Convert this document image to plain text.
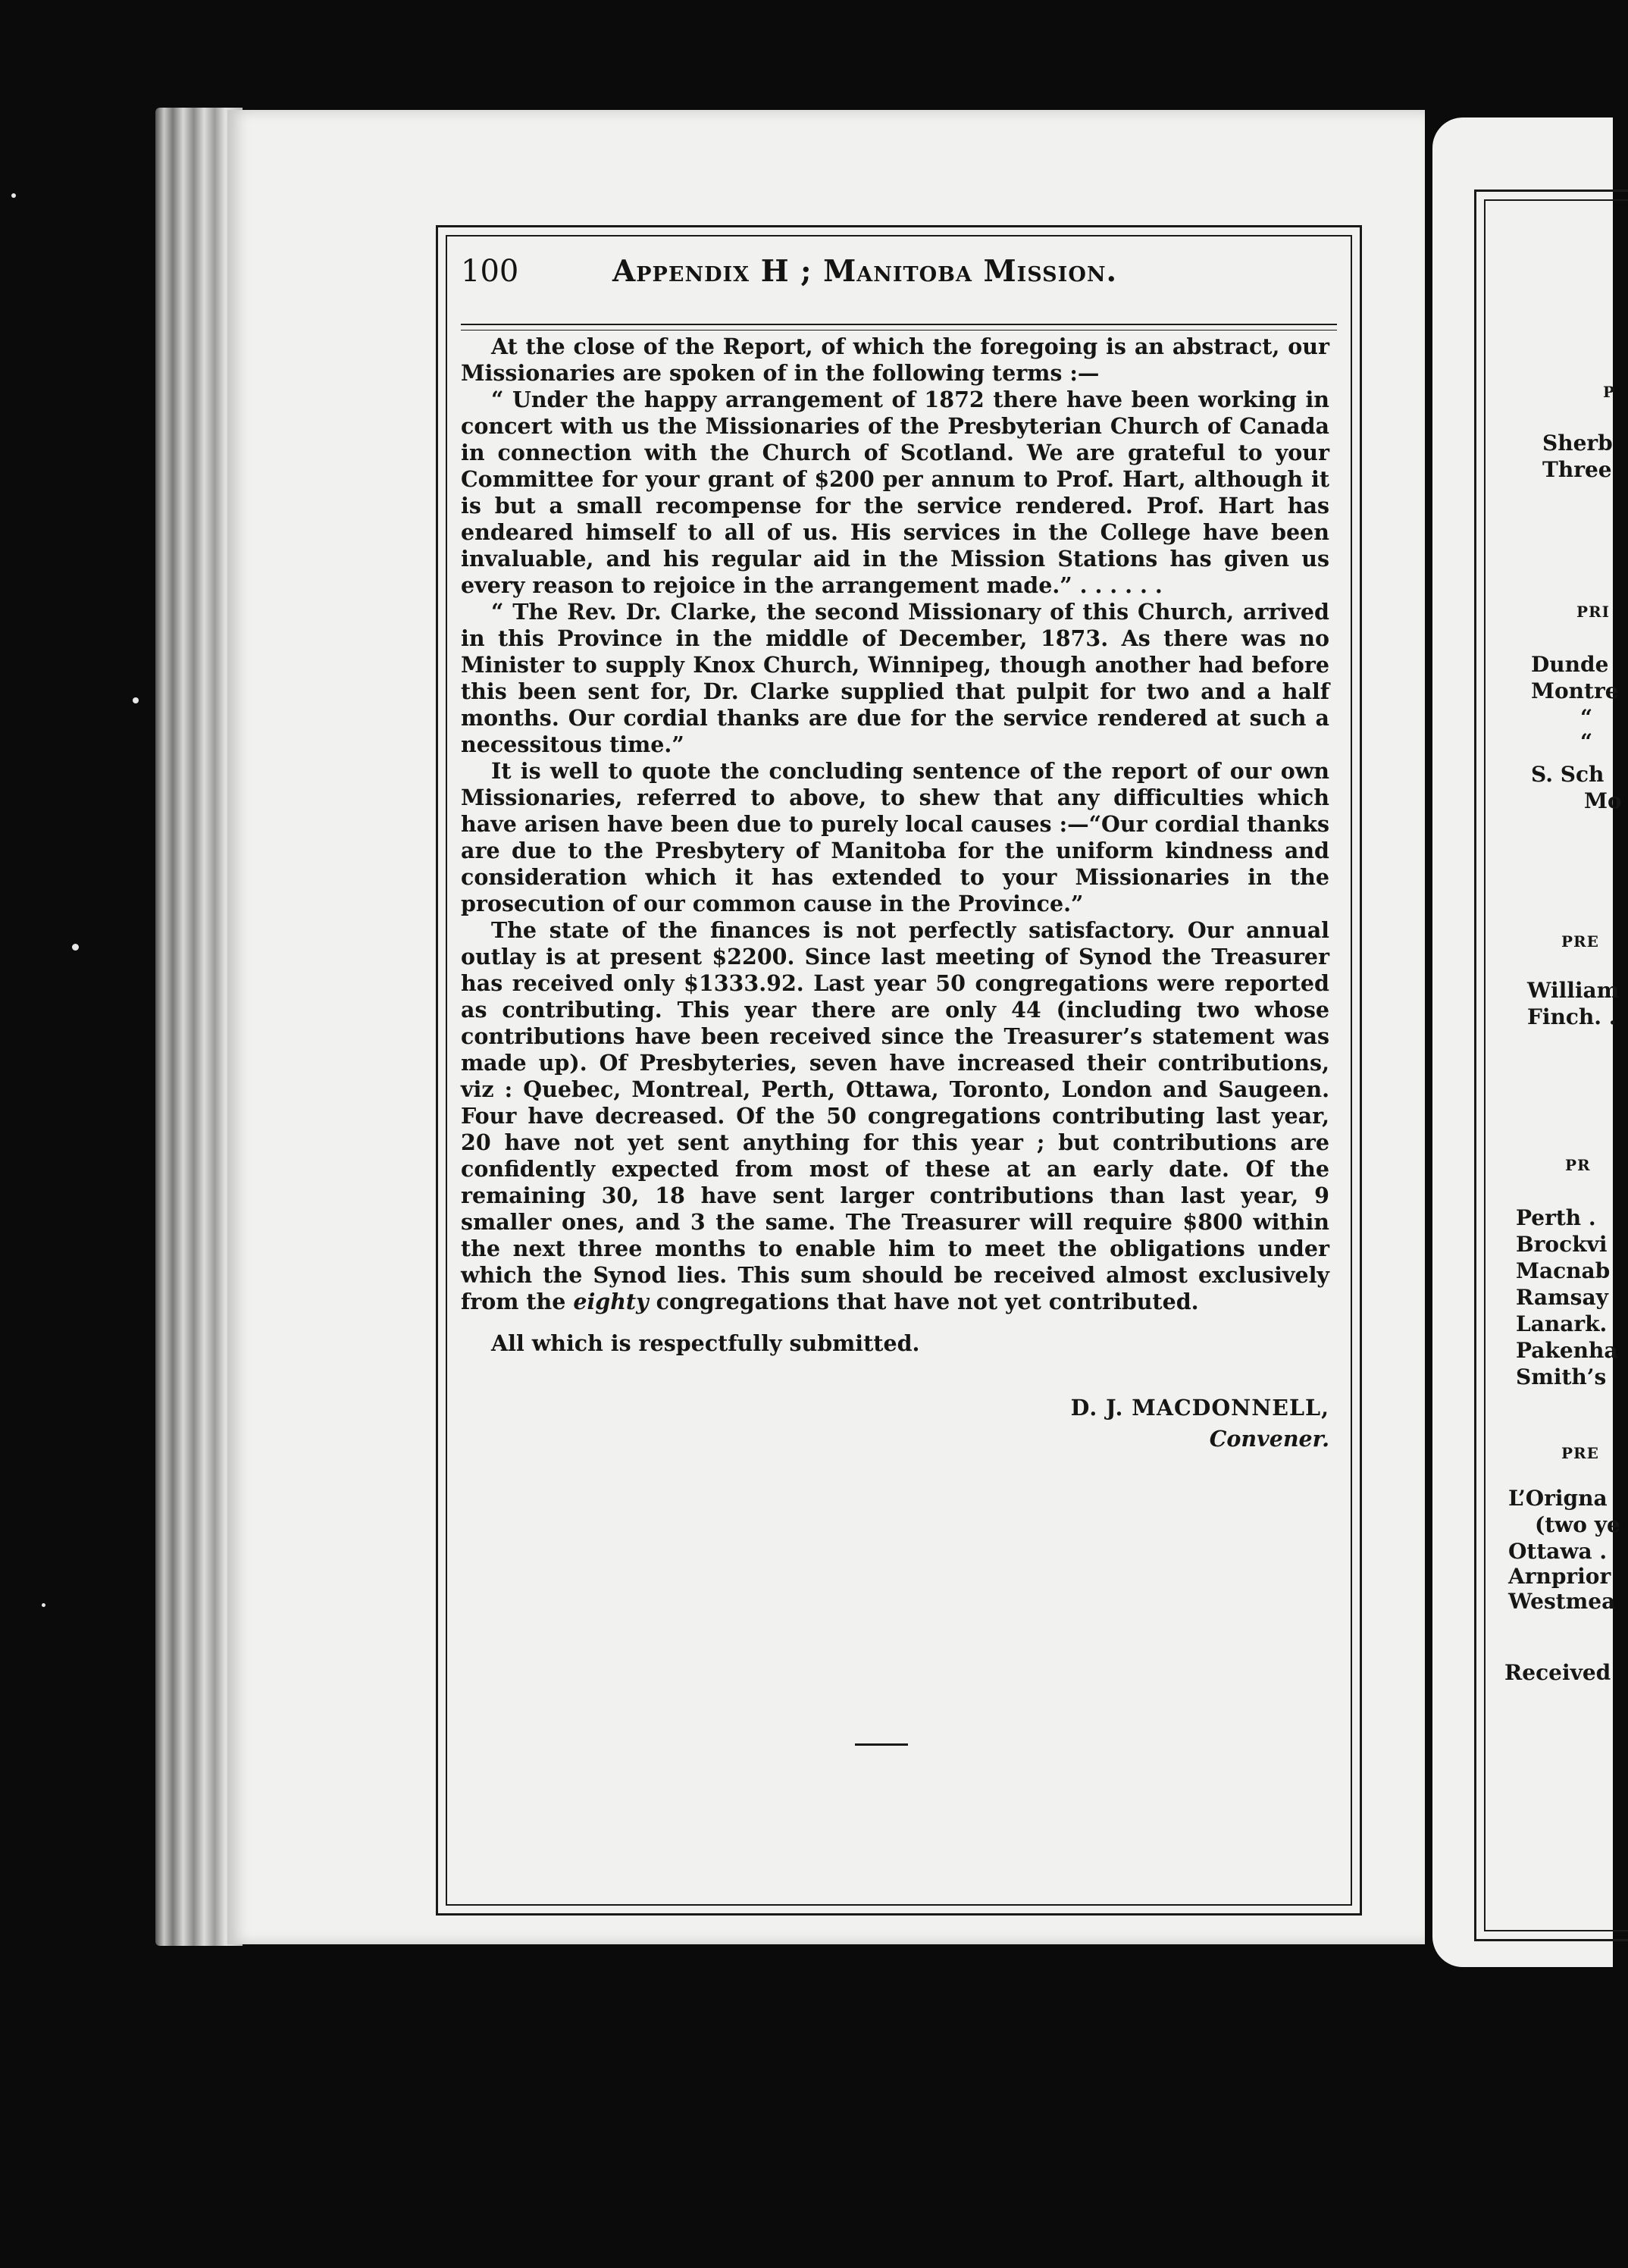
100	Appendix H ; Manitoba Mission.

At the close of the Report, of which the foregoing is an abstract, our Missionaries are spoken of in the following terms :—

“ Under the happy arrangement of 1872 there have been working in concert with us the Missionaries of the Presbyterian Church of Canada in connection with the Church of Scotland. We are grateful to your Committee for your grant of $200 per annum to Prof. Hart, although it is but a small recompense for the service rendered. Prof. Hart has endeared himself to all of us. His services in the College have been invaluable, and his regular aid in the Mission Stations has given us every reason to rejoice in the arrangement made.” . . . . . .

“ The Rev. Dr. Clarke, the second Missionary of this Church, arrived in this Province in the middle of December, 1873. As there was no Minister to supply Knox Church, Winnipeg, though another had before this been sent for, Dr. Clarke supplied that pulpit for two and a half months. Our cordial thanks are due for the service rendered at such a necessitous time.”

It is well to quote the concluding sentence of the report of our own Missionaries, referred to above, to shew that any difficulties which have arisen have been due to purely local causes :—“Our cordial thanks are due to the Presbytery of Manitoba for the uniform kindness and consideration which it has extended to your Missionaries in the prosecution of our common cause in the Province.”

The state of the finances is not perfectly satisfactory. Our annual outlay is at present $2200. Since last meeting of Synod the Treasurer has received only $1333.92. Last year 50 congregations were reported as contributing. This year there are only 44 (including two whose contributions have been received since the Treasurer’s statement was made up). Of Presbyteries, seven have increased their contributions, viz : Quebec, Montreal, Perth, Ottawa, Toronto, London and Saugeen. Four have decreased. Of the 50 congregations contributing last year, 20 have not yet sent anything for this year ; but contributions are confidently expected from most of these at an early date. Of the remaining 30, 18 have sent larger contributions than last year, 9 smaller ones, and 3 the same. The Treasurer will require $800 within the next three months to enable him to meet the obligations under which the Synod lies. This sum should be received almost exclusively from the eighty congregations that have not yet contributed.

All which is respectfully submitted.

D. J. MACDONNELL,

Convener.

P
Sherb
Three
PRI
Dunde
Montre
“
“
S. Sch
Mo
PRE
William
Finch. .
PR
Perth .
Brockvi
Macnab
Ramsay
Lanark.
Pakenha
Smith’s
PRE
L’Origna
(two ye
Ottawa .
Arnprior
Westmea
Received
